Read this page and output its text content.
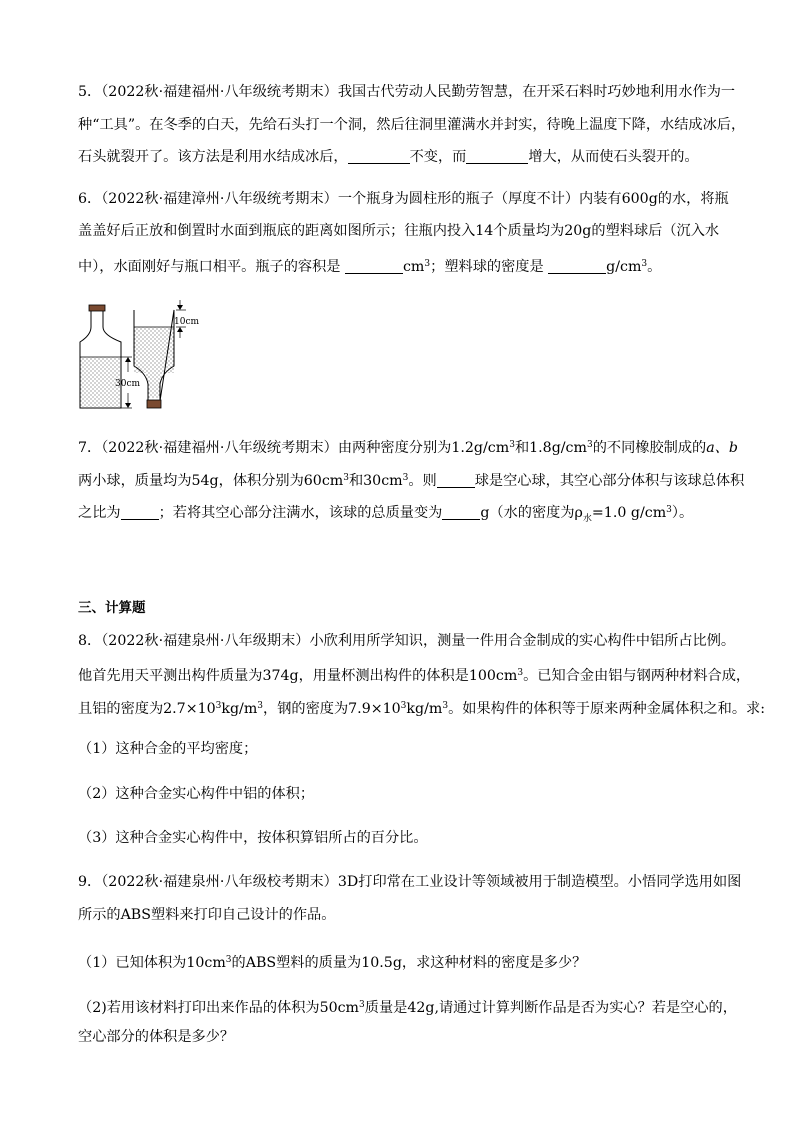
5．（2022秋·福建福州·八年级统考期末）我国古代劳动人民勤劳智慧，在开采石料时巧妙地利用水作为一
种“工具”。在冬季的白天，先给石头打一个洞，然后往洞里灌满水并封实，待晚上温度下降，水结成冰后，
石头就裂开了。该方法是利用水结成冰后，	不变，而	增大，从而使石头裂开的。
6．（2022秋·福建漳州·八年级统考期末）一个瓶身为圆柱形的瓶子（厚度不计）内装有600g的水，将瓶
盖盖好后正放和倒置时水面到瓶底的距离如图所示；往瓶内投入14个质量均为20g的塑料球后（沉入水
中），水面刚好与瓶口相平。瓶子的容积是	$cm^3$；塑料球的密度是	$g/cm^3$。
10cm
30cm
7．（2022秋·福建福州·八年级统考期末）由两种密度分别为$1.2g/cm^3$和$1.8g/cm^3$的不同橡胶制成的a、b
两小球，质量均为54g，体积分别为$60cm^3$和$30cm^3$。则	球是空心球，其空心部分体积与该球总体积
之比为	；若将其空心部分注满水，该球的总质量变为	g（水的密度为$\rho_水=1.0$ $g/cm^3$）。
三、计算题
8．（2022秋·福建泉州·八年级期末）小欣利用所学知识，测量一件用合金制成的实心构件中铝所占比例。
他首先用天平测出构件质量为374g，用量杯测出构件的体积是$100cm^3$。已知合金由铝与钢两种材料合成，
且铝的密度为$2.7\times 10^3kg/m^3$，钢的密度为$7.9\times 10^3kg/m^3$。如果构件的体积等于原来两种金属体积之和。求:
（1）这种合金的平均密度；
（2）这种合金实心构件中铝的体积；
（3）这种合金实心构件中，按体积算铝所占的百分比。
9．（2022秋·福建泉州·八年级校考期末）3D打印常在工业设计等领域被用于制造模型。小悟同学选用如图
所示的ABS塑料来打印自己设计的作品。
（1）已知体积为$10cm^3$的ABS塑料的质量为10.5g，求这种材料的密度是多少？
（2)若用该材料打印出来作品的体积为$50cm^3$质量是42g,请通过计算判断作品是否为实心？若是空心的，
空心部分的体积是多少？
